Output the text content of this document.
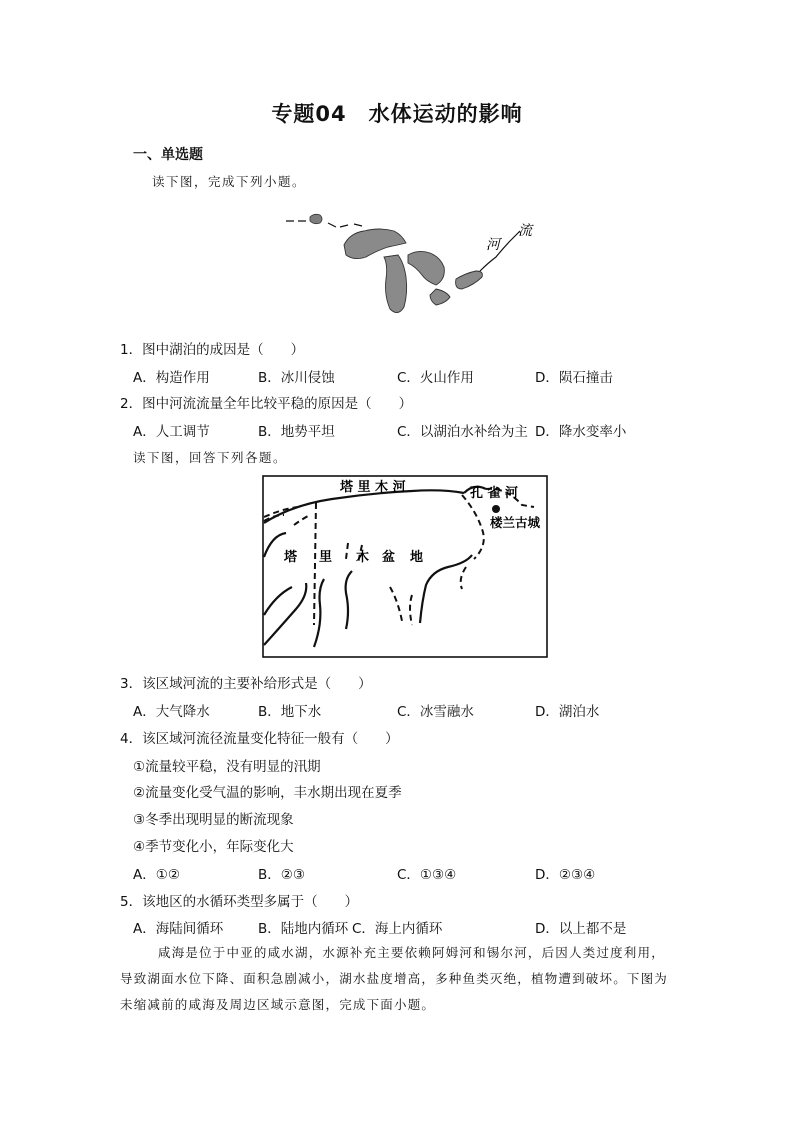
专题04　水体运动的影响
一、单选题
读下图，完成下列小题。
流
河
1．图中湖泊的成因是（　　）
A．构造作用	B．冰川侵蚀	C．火山作用	D．陨石撞击
2．图中河流流量全年比较平稳的原因是（　　）
A．人工调节	B．地势平坦	C．以湖泊水补给为主 D．降水变率小
读下图，回答下列各题。
塔 里 木 河	孔 雀 河
楼兰古城
塔 里 木 盆 地
3．该区域河流的主要补给形式是（　　）
A．大气降水	B．地下水	C．冰雪融水	D．湖泊水
4．该区域河流径流量变化特征一般有（　　）
①流量较平稳，没有明显的汛期
②流量变化受气温的影响，丰水期出现在夏季
③冬季出现明显的断流现象
④季节变化小，年际变化大
A．①②	B．②③	C．①③④	D．②③④
5．该地区的水循环类型多属于（　　）
A．海陆间循环	B．陆地内循环 C．海上内循环	D．以上都不是
咸海是位于中亚的咸水湖，水源补充主要依赖阿姆河和锡尔河，后因人类过度利用，导致湖面水位下降、面积急剧减小，湖水盐度增高，多种鱼类灭绝，植物遭到破坏。下图为未缩减前的咸海及周边区域示意图，完成下面小题。
